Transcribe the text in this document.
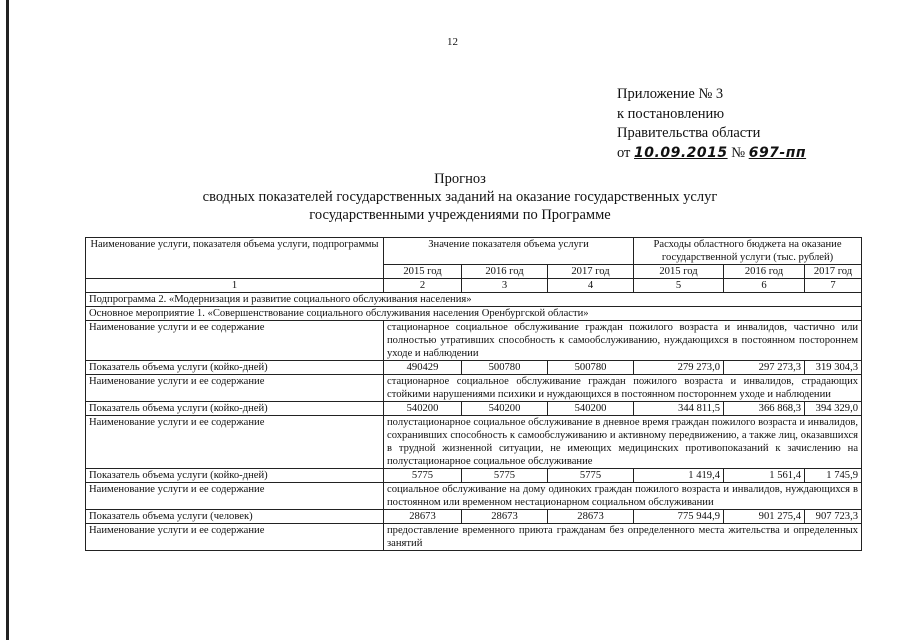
12
Приложение № 3
к постановлению
Правительства области
от 10.09.2015 № 697-пп
Прогноз
сводных показателей государственных заданий на оказание государственных услуг
государственными учреждениями по Программе
Наименование услуги, показателя объема услуги, подпрограммы	Значение показателя объема услуги			Расходы областного бюджета на оказание государственной услуги (тыс. рублей)		
	2015 год	2016 год	2017 год	2015 год	2016 год	2017 год
1	2	3	4	5	6	7
Подпрограмма 2. «Модернизация и развитие социального обслуживания населения»						
Основное мероприятие 1. «Совершенствование социального обслуживания населения Оренбургской области»						
Наименование услуги и ее содержание	стационарное социальное обслуживание граждан пожилого возраста и инвалидов, частично или полностью утративших способность к самообслуживанию, нуждающихся в постоянном постороннем уходе и наблюдении					
Показатель объема услуги (койко-дней)	490429	500780	500780	279 273,0	297 273,3	319 304,3
Наименование услуги и ее содержание	стационарное социальное обслуживание граждан пожилого возраста и инвалидов, страдающих стойкими нарушениями психики и нуждающихся в постоянном постороннем уходе и наблюдении					
Показатель объема услуги (койко-дней)	540200	540200	540200	344 811,5	366 868,3	394 329,0
Наименование услуги и ее содержание	полустационарное социальное обслуживание в дневное время граждан пожилого возраста и инвалидов, сохранивших способность к самообслуживанию и активному передвижению, а также лиц, оказавшихся в трудной жизненной ситуации, не имеющих медицинских противопоказаний к зачислению на полустационарное социальное обслуживание					
Показатель объема услуги (койко-дней)	5775	5775	5775	1 419,4	1 561,4	1 745,9
Наименование услуги и ее содержание	социальное обслуживание на дому одиноких граждан пожилого возраста и инвалидов, нуждающихся в постоянном или временном нестационарном социальном обслуживании					
Показатель объема услуги (человек)	28673	28673	28673	775 944,9	901 275,4	907 723,3
Наименование услуги и ее содержание	предоставление временного приюта гражданам без определенного места жительства и определенных занятий					
